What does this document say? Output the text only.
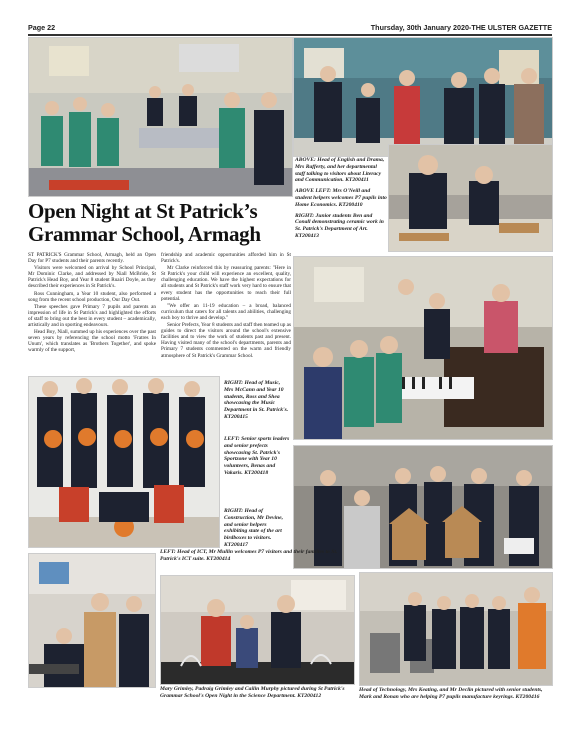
Page 22	Thursday, 30th January 2020-THE ULSTER GAZETTE

ABOVE: Head of English and Drama, Mrs Rafferty, and her departmental staff talking to visitors about Literacy and Communication. KT200411

ABOVE LEFT: Mrs O'Neill and student helpers welcomes P7 pupils into Home Economics. KT200410

RIGHT: Junior students Ben and Conall demonstrating ceramic work in St. Patrick's Department of Art. KT200413

Open Night at St Patrick’s Grammar School, Armagh

ST PATRICK'S Grammar School, Armagh, held an Open Day for P7 students and their parents recently.

Visitors were welcomed on arrival by School Principal, Mr Dominic Clarke, and addressed by Niall McBride, St Patrick's Head Boy, and Year 8 student Ruairi Doyle, as they described their experiences in St Patrick's.

Ross Cunningham, a Year 10 student, also performed a song from the recent school production, Our Day Out.

These speeches gave Primary 7 pupils and parents an impression of life in St Patrick's and highlighted the efforts of staff to bring out the best in every student – academically, artistically and in sporting endeavours.

Head Boy, Niall, summed up his experiences over the past seven years by referencing the school motto 'Fratres In Unum', which translates as 'Brothers Together', and spoke warmly of the support,

friendship and academic opportunities afforded him in St Patrick's.

Mr Clarke reinforced this by reassuring parents: "Here in St Patrick's your child will experience an excellent, quality, challenging education. We have the highest expectations for all students and St Patrick's staff work very hard to ensure that every student has the opportunities to reach their full potential.

"We offer an 11-19 education – a broad, balanced curriculum that caters for all talents and abilities, challenging each boy to thrive and develop."

Senior Prefects, Year 8 students and staff then teamed up as guides to direct the visitors around the school's extensive facilities and to view the work of students past and present. Having visited many of the school's departments, parents and Primary 7 students commented on the warm and friendly atmosphere of St Patrick's Grammar School.

RIGHT: Head of Music, Mrs McCann and Year 10 students, Ross and Shea showcasing the Music Department in St. Patrick's. KT200415
LEFT: Senior sports leaders and senior prefects showcasing St. Patrick's Sportzone with Year 10 volunteers, Benas and Vakaris. KT200418
RIGHT: Head of Construction, Mr Devine, and senior helpers exhibiting state of the art birdboxes to visitors. KT200417
LEFT: Head of ICT, Mr Mullin welcomes P7 visitors and their families to St. Patrick's ICT suite. KT200414
Mary Grimley, Padraig Grimley and Cailin Murphy pictured during St Patrick's Grammar School's Open Night in the Science Department. KT200412
Head of Technology, Mrs Keating, and Mr Declin pictured with senior students, Mark and Ronan who are helping P7 pupils manufacture keyrings. KT200416
